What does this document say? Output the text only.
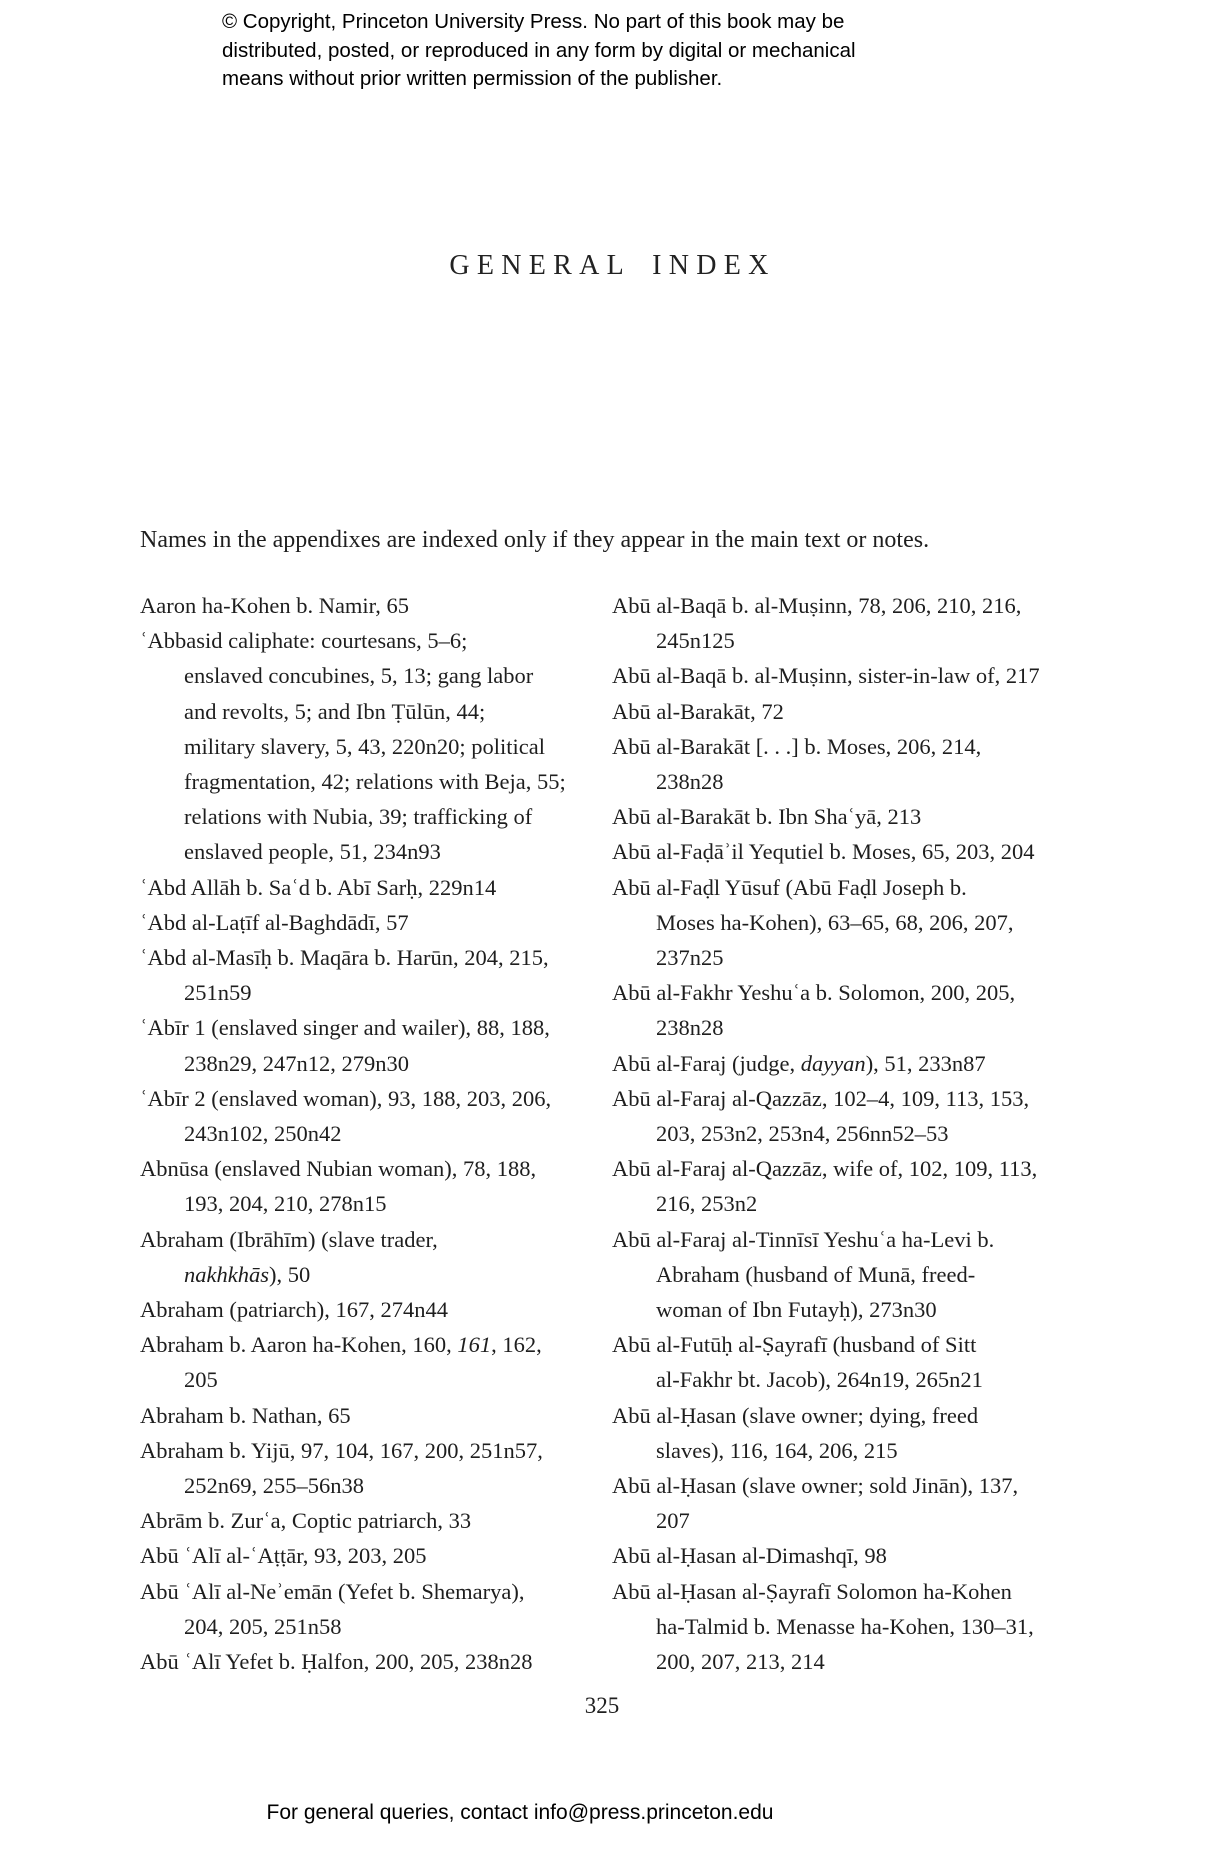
© Copyright, Princeton University Press. No part of this book may be
distributed, posted, or reproduced in any form by digital or mechanical
means without prior written permission of the publisher.
GENERAL INDEX

Names in the appendixes are indexed only if they appear in the main text or notes.

Aaron ha-Kohen b. Namir, 65
ʿAbbasid caliphate: courtesans, 5–6;
enslaved concubines, 5, 13; gang labor
and revolts, 5; and Ibn Ṭūlūn, 44;
military slavery, 5, 43, 220n20; political
fragmentation, 42; relations with Beja, 55;
relations with Nubia, 39; trafficking of
enslaved people, 51, 234n93
ʿAbd Allāh b. Saʿd b. Abī Sarḥ, 229n14
ʿAbd al-Laṭīf al-Baghdādī, 57
ʿAbd al-Masīḥ b. Maqāra b. Harūn, 204, 215,
251n59
ʿAbīr 1 (enslaved singer and wailer), 88, 188,
238n29, 247n12, 279n30
ʿAbīr 2 (enslaved woman), 93, 188, 203, 206,
243n102, 250n42
Abnūsa (enslaved Nubian woman), 78, 188,
193, 204, 210, 278n15
Abraham (Ibrāhīm) (slave trader,
nakhkhās), 50
Abraham (patriarch), 167, 274n44
Abraham b. Aaron ha-Kohen, 160, 161, 162,
205
Abraham b. Nathan, 65
Abraham b. Yijū, 97, 104, 167, 200, 251n57,
252n69, 255–56n38
Abrām b. Zurʿa, Coptic patriarch, 33
Abū ʿAlī al-ʿAṭṭār, 93, 203, 205
Abū ʿAlī al-Neʾemān (Yefet b. Shemarya),
204, 205, 251n58
Abū ʿAlī Yefet b. Ḥalfon, 200, 205, 238n28
Abū al-Baqā b. al-Muṣinn, 78, 206, 210, 216,
245n125
Abū al-Baqā b. al-Muṣinn, sister-in-law of, 217
Abū al-Barakāt, 72
Abū al-Barakāt [. . .] b. Moses, 206, 214,
238n28
Abū al-Barakāt b. Ibn Shaʿyā, 213
Abū al-Faḍāʾil Yequtiel b. Moses, 65, 203, 204
Abū al-Faḍl Yūsuf (Abū Faḍl Joseph b.
Moses ha-Kohen), 63–65, 68, 206, 207,
237n25
Abū al-Fakhr Yeshuʿa b. Solomon, 200, 205,
238n28
Abū al-Faraj (judge, dayyan), 51, 233n87
Abū al-Faraj al-Qazzāz, 102–4, 109, 113, 153,
203, 253n2, 253n4, 256nn52–53
Abū al-Faraj al-Qazzāz, wife of, 102, 109, 113,
216, 253n2
Abū al-Faraj al-Tinnīsī Yeshuʿa ha-Levi b.
Abraham (husband of Munā, freed-
woman of Ibn Futayḥ), 273n30
Abū al-Futūḥ al-Ṣayrafī (husband of Sitt
al-Fakhr bt. Jacob), 264n19, 265n21
Abū al-Ḥasan (slave owner; dying, freed
slaves), 116, 164, 206, 215
Abū al-Ḥasan (slave owner; sold Jinān), 137,
207
Abū al-Ḥasan al-Dimashqī, 98
Abū al-Ḥasan al-Ṣayrafī Solomon ha-Kohen
ha-Talmid b. Menasse ha-Kohen, 130–31,
200, 207, 213, 214
325
For general queries, contact info@press.princeton.edu
